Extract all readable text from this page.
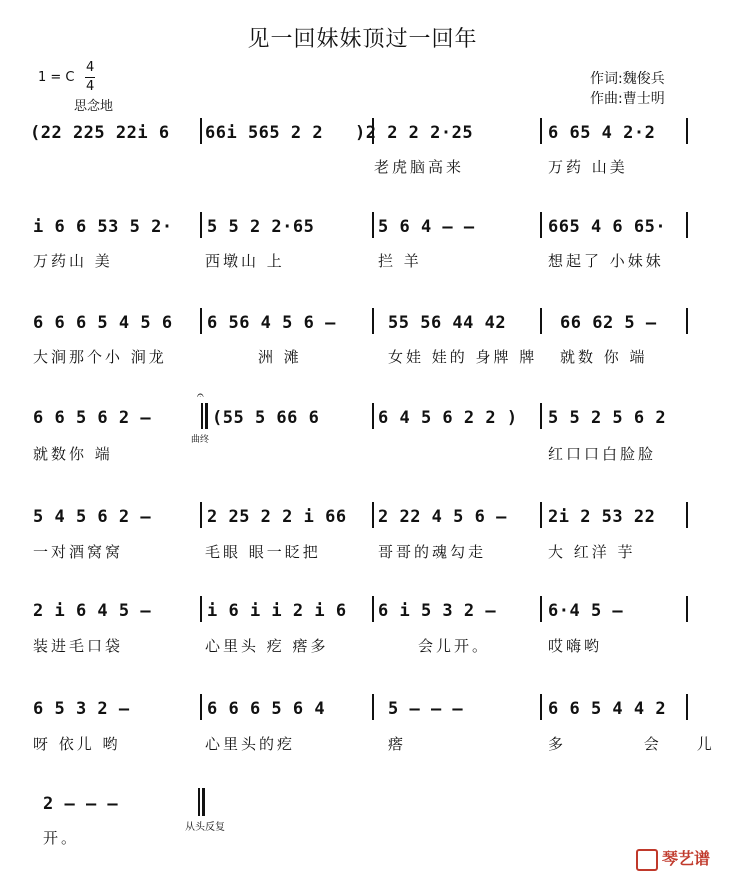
见一回妹妹顶过一回年
1 = C
4
4
思念地
作词:魏俊兵
作曲:曹士明
(22 225 22i 6 66i 565 2 2 )2 2 2 2·25	6 65 4 2·2
老虎脑高来	万药 山美
i 6 6 53 5 2· 5 5 2 2·65	5 6 4 – –	665 4 6 65·
万药山 美	西墩山 上	拦 羊	想起了 小妹妹
6 6 6 5 4 5 6 6 56 4 5 6 –	55 56 44 42	66 62 5 –
大涧那个小 涧龙	洲 滩	女娃 娃的 身牌 牌 就数 你 端
6 6 5 6 2 –
𝄐
曲终
(55 5 66 6	6 4 5 6 2 2 ) 5 5 2 5 6 2
就数你 端	红口口白脸脸
5 4 5 6 2 –	2 25 2 2 i 66 2 22 4 5 6 – 2i 2 53 22
一对酒窝窝	毛眼 眼一眨把	哥哥的魂勾走	大 红洋 芋
2 i 6 4 5 –	i 6 i i 2 i 6 6 i 5 3 2 –	6·4 5 –
装进毛口袋	心里头 疙 瘩多	会儿开。	哎嗨哟
6 5 3 2 –	6 6 6 5 6 4	5 – – –	6 6 5 4 4 2
呀 依儿 哟	心里头的疙	瘩	多 会儿
2 – – –
从头反复
开。
琴艺谱
